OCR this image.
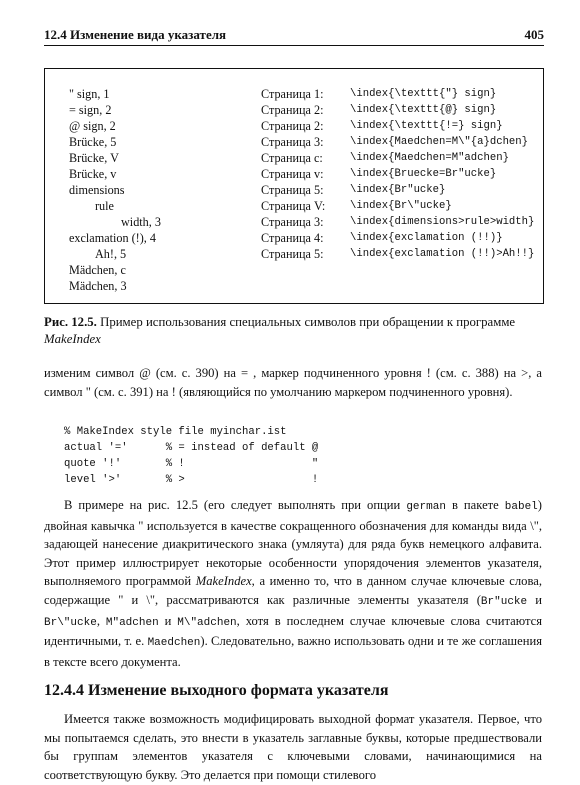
12.4 Изменение вида указателя	405
" sign, 1
= sign, 2
@ sign, 2
Brücke, 5
Brücke, V
Brücke, v
dimensions
rule
width, 3
exclamation (!), 4
Ah!, 5
Mädchen, c
Mädchen, 3
Страница 1:
Страница 2:
Страница 2:
Страница 3:
Страница c:
Страница v:
Страница 5:
Страница V:
Страница 3:
Страница 4:
Страница 5:
\index{\texttt{"} sign}
\index{\texttt{@} sign}
\index{\texttt{!=} sign}
\index{Maedchen=M\"{a}dchen}
\index{Maedchen=M"adchen}
\index{Bruecke=Br"ucke}
\index{Br"ucke}
\index{Br\"ucke}
\index{dimensions>rule>width}
\index{exclamation (!!)}
\index{exclamation (!!)>Ah!!}
Рис. 12.5. Пример использования специальных символов при обращении к программе MakeIndex
изменим символ @ (см. с. 390) на = , маркер подчиненного уровня ! (см. с. 388) на >, а символ " (см. с. 391) на ! (являющийся по умолчанию маркером подчиненного уровня).
% MakeIndex style file myinchar.ist
actual '='      % = instead of default @
quote '!'       % !                    "
level '>'       % >                    !
В примере на рис. 12.5 (его следует выполнять при опции german в пакете babel) двойная кавычка " используется в качестве сокращенного обозначения для команды вида \", задающей нанесение диакритического знака (умляута) для ряда букв немецкого алфавита. Этот пример иллюстрирует некоторые особенности упорядочения элементов указателя, выполняемого программой MakeIndex, а именно то, что в данном случае ключевые слова, содержащие " и \", рассматриваются как различные элементы указателя (Br"ucke и Br\"ucke, M"adchen и M\"adchen, хотя в последнем случае ключевые слова считаются идентичными, т. е. Maedchen). Следовательно, важно использовать одни и те же соглашения в тексте всего документа.
12.4.4 Изменение выходного формата указателя
Имеется также возможность модифицировать выходной формат указателя. Первое, что мы попытаемся сделать, это внести в указатель заглавные буквы, которые предшествовали бы группам элементов указателя с ключевыми словами, начинающимися на соответствующую букву. Это делается при помощи стилевого
